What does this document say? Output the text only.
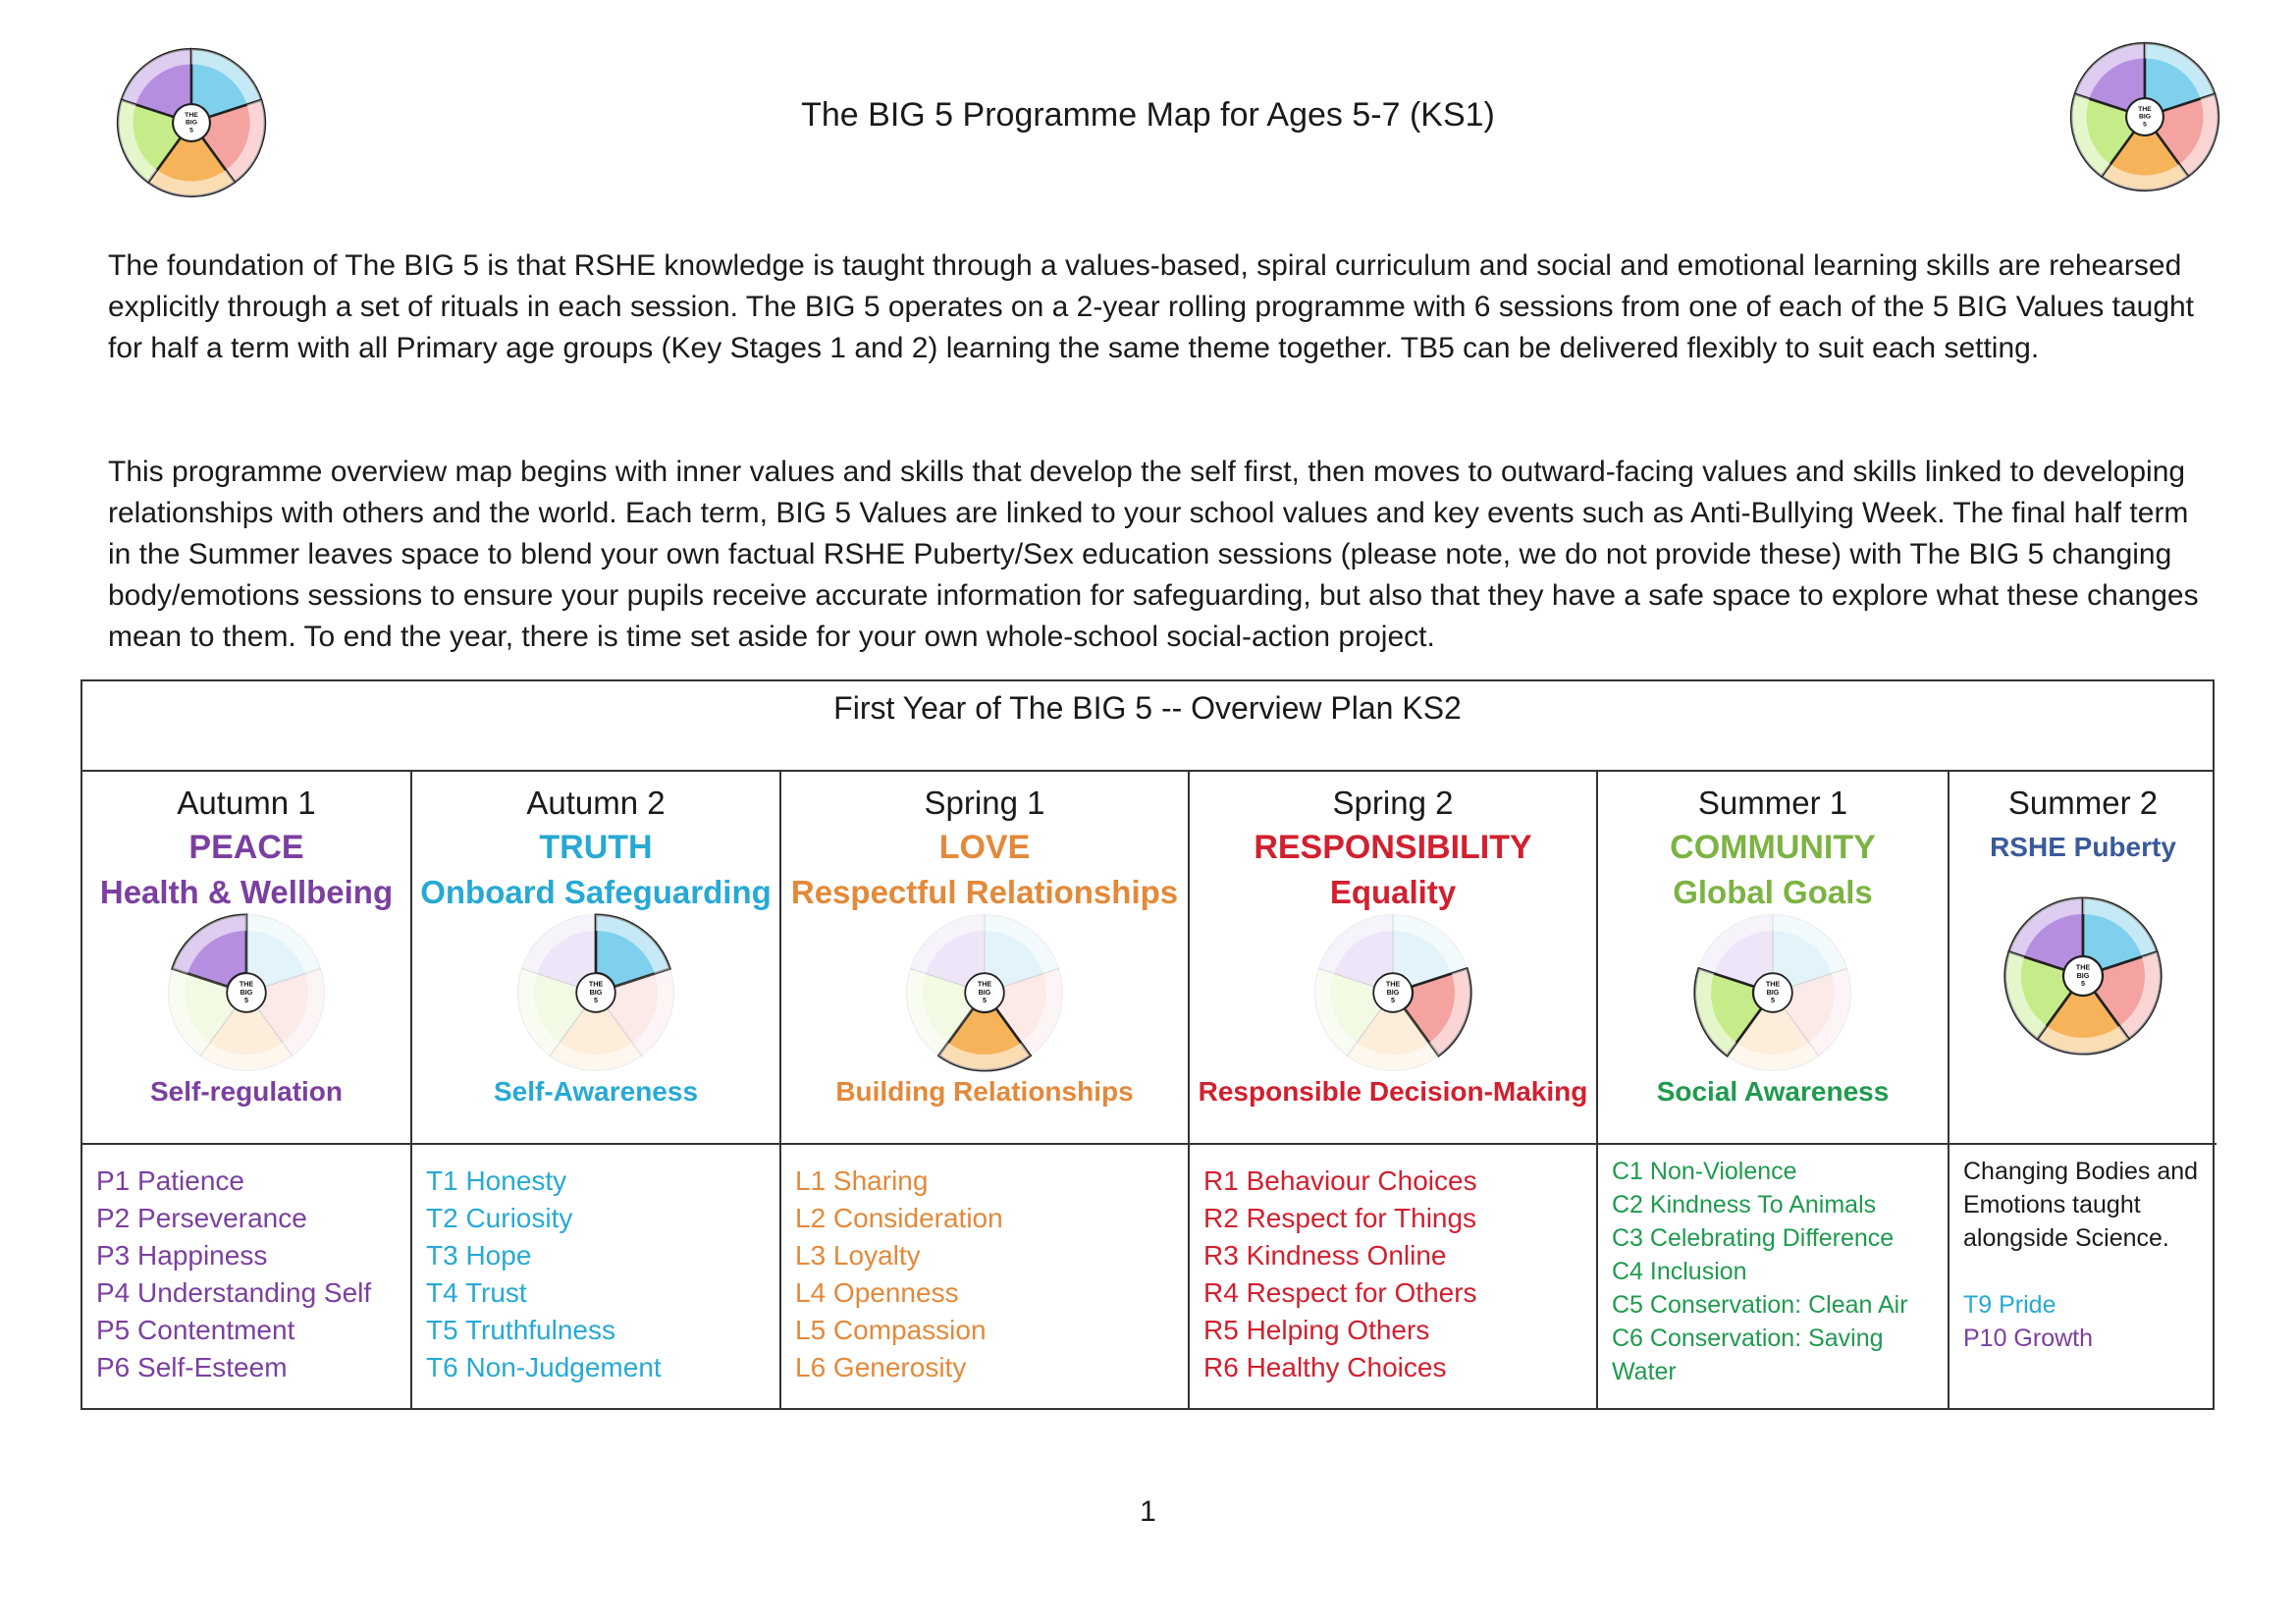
THE
BIG
5
THE
BIG
5
The BIG 5 Programme Map for Ages 5-7 (KS1)

The foundation of The BIG 5 is that RSHE knowledge is taught through a values-based, spiral curriculum and social and emotional learning skills are rehearsed explicitly through a set of rituals in each session. The BIG 5 operates on a 2-year rolling programme with 6 sessions from one of each of the 5 BIG Values taught for half a term with all Primary age groups (Key Stages 1 and 2) learning the same theme together. TB5 can be delivered flexibly to suit each setting.

This programme overview map begins with inner values and skills that develop the self first, then moves to outward-facing values and skills linked to developing relationships with others and the world. Each term, BIG 5 Values are linked to your school values and key events such as Anti-Bullying Week. The final half term in the Summer leaves space to blend your own factual RSHE Puberty/Sex education sessions (please note, we do not provide these) with The BIG 5 changing body/emotions sessions to ensure your pupils receive accurate information for safeguarding, but also that they have a safe space to explore what these changes mean to them. To end the year, there is time set aside for your own whole-school social-action project.

First Year of The BIG 5 -- Overview Plan KS2
Autumn 1
PEACE
Health & Wellbeing
THE
BIG
5
Self-regulation
P1 Patience
P2 Perseverance
P3 Happiness
P4 Understanding Self
P5 Contentment
P6 Self-Esteem
Autumn 2
TRUTH
Onboard Safeguarding
THE
BIG
5
Self-Awareness
T1 Honesty
T2 Curiosity
T3 Hope
T4 Trust
T5 Truthfulness
T6 Non-Judgement
Spring 1
LOVE
Respectful Relationships
THE
BIG
5
Building Relationships
L1 Sharing
L2 Consideration
L3 Loyalty
L4 Openness
L5 Compassion
L6 Generosity
Spring 2
RESPONSIBILITY
Equality
THE
BIG
5
Responsible Decision-Making
R1 Behaviour Choices
R2 Respect for Things
R3 Kindness Online
R4 Respect for Others
R5 Helping Others
R6 Healthy Choices
Summer 1
COMMUNITY
Global Goals
THE
BIG
5
Social Awareness
C1 Non-Violence
C2 Kindness To Animals
C3 Celebrating Difference
C4 Inclusion
C5 Conservation: Clean Air
C6 Conservation: Saving Water
Summer 2
RSHE Puberty
THE
BIG
5

Changing Bodies and Emotions taught alongside Science.

T9 Pride
P10 Growth
1
